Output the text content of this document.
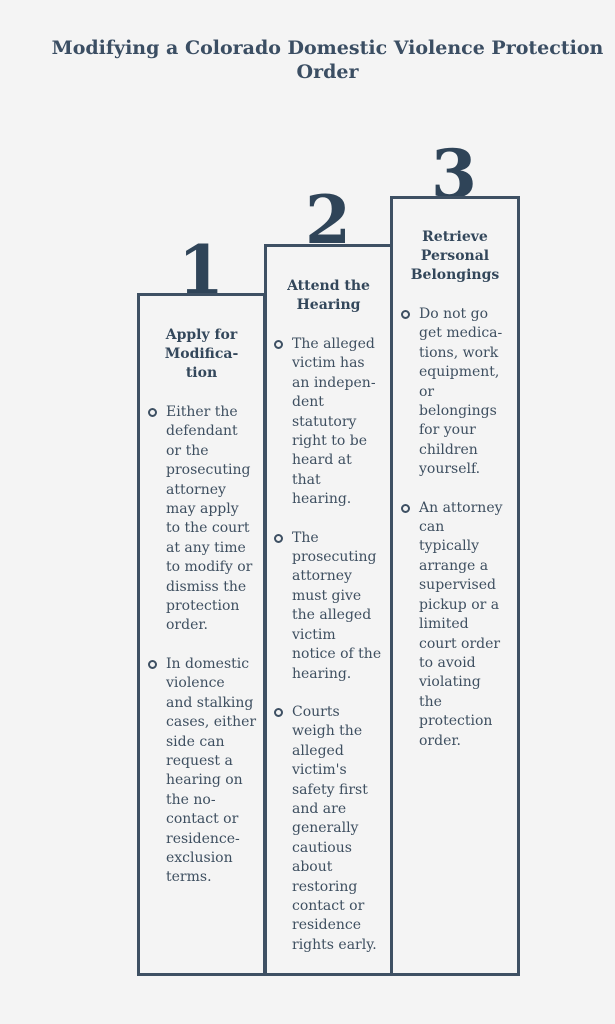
Modifying a Colorado Domestic Violence Protection
Order
1
2
3
Apply for
Modifica-
tion
Either the
defendant
or the
prosecuting
attorney
may apply
to the court
at any time
to modify or
dismiss the
protection
order.
In domestic
violence
and stalking
cases, either
side can
request a
hearing on
the no-
contact or
residence-
exclusion
terms.
Attend the
Hearing
The alleged
victim has
an indepen-
dent
statutory
right to be
heard at
that
hearing.
The
prosecuting
attorney
must give
the alleged
victim
notice of the
hearing.
Courts
weigh the
alleged
victim's
safety first
and are
generally
cautious
about
restoring
contact or
residence
rights early.
Retrieve
Personal
Belongings
Do not go
get medica-
tions, work
equipment,
or
belongings
for your
children
yourself.
An attorney
can
typically
arrange a
supervised
pickup or a
limited
court order
to avoid
violating
the
protection
order.
